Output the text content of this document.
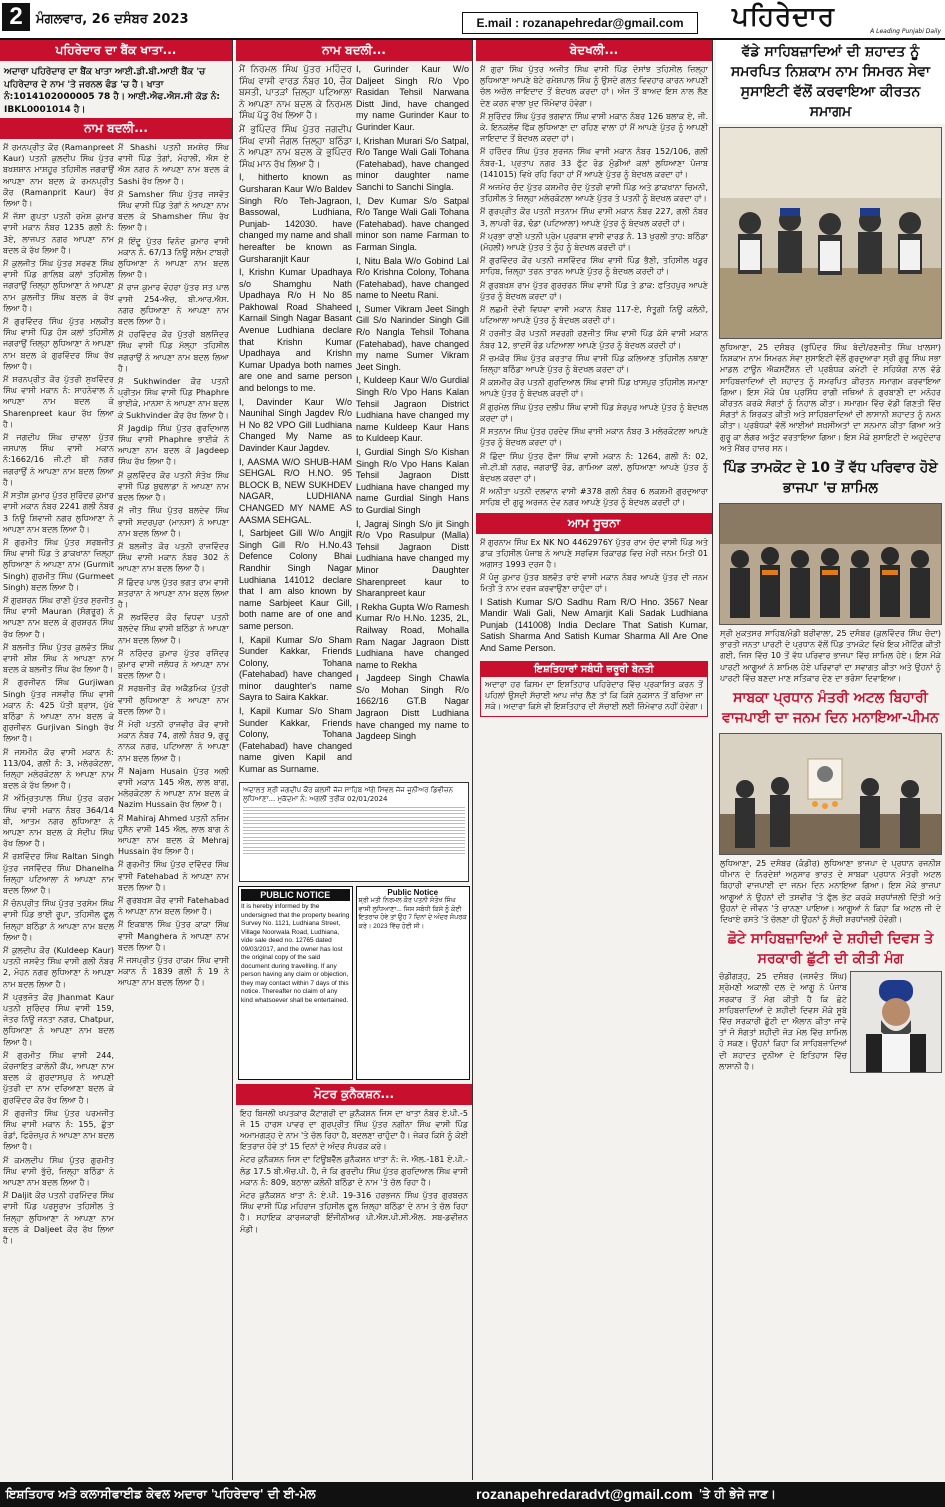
2	ਮੰਗਲਵਾਰ, 26 ਦਸੰਬਰ 2023	E.mail : rozanapehredar@gmail.com	ਪਹਿਰੇਦਾਰ	A Leading Punjabi Daily
ਪਹਿਰੇਦਾਰ ਦਾ ਬੈਂਕ ਖਾਤਾ...
ਅਦਾਰਾ ਪਹਿਰੇਦਾਰ ਦਾ ਬੈਂਕ ਖਾਤਾ ਆਈ.ਡੀ.ਬੀ.ਆਈ ਬੈਂਕ 'ਚ ਪਹਿਰੇਦਾਰ ਦੇ ਨਾਮ 'ਤੇ ਜਰਨਲ ਫੰਡ 'ਚ ਹੈ। ਖਾਤਾ ਨੰ:1014102000005 78 ਹੈ। ਆਈ.ਐਫ.ਐਸ.ਸੀ ਕੋਡ ਨੰ: IBKL0001014 ਹੈ।
ਨਾਮ ਬਦਲੀ...

ਮੈਂ ਰਮਨਪ੍ਰੀਤ ਕੌਰ (Ramanpreet Kaur) ਪਤਨੀ ਕੁਲਦੀਪ ਸਿੰਘ ਪੁੱਤਰ ਬਖਸ਼ਸ਼ਾਨ ਮਾਸ਼ਹੂਰ ਤਹਿਸੀਲ ਜਗਰਾਉਂ ਆਪਣਾ ਨਾਮ ਬਦਲ ਕੇ ਰਮਨਪ੍ਰੀਤ ਕੌਰ (Ramanprit Kaur) ਰੱਖ ਲਿਆ ਹੈ।

ਮੈਂ ਜੱਸਾ ਗੁਪਤਾ ਪਤਨੀ ਰਮੇਸ਼ ਕੁਮਾਰ ਵਾਸੀ ਮਕਾਨ ਨੰਬਰ 1235 ਗਲੀ ਨੰ: 3ਏ, ਲਾਜਪਤ ਨਗਰ ਆਪਣਾ ਨਾਮ ਬਦਲ ਕੇ ਰੱਖ ਲਿਆ ਹੈ।

ਮੈਂ ਕੁਲਜੀਤ ਸਿੰਘ ਪੁੱਤਰ ਸਰਵਣ ਸਿੰਘ ਵਾਸੀ ਪਿੰਡ ਗਾਲਿਬ ਕਲਾਂ ਤਹਿਸੀਲ ਜਗਰਾਉਂ ਜ਼ਿਲ੍ਹਾ ਲੁਧਿਆਣਾ ਨੇ ਆਪਣਾ ਨਾਮ ਕੁਲਜੀਤ ਸਿੰਘ ਬਦਲ ਕੇ ਰੱਖ ਲਿਆ ਹੈ।

ਮੈਂ ਗੁਰਵਿੰਦਰ ਸਿੰਘ ਪੁੱਤਰ ਮਲਕੀਤ ਸਿੰਘ ਵਾਸੀ ਪਿੰਡ ਹੰਸ ਕਲਾਂ ਤਹਿਸੀਲ ਜਗਰਾਉਂ ਜ਼ਿਲ੍ਹਾ ਲੁਧਿਆਣਾ ਨੇ ਆਪਣਾ ਨਾਮ ਬਦਲ ਕੇ ਗੁਰਵਿੰਦਰ ਸਿੰਘ ਰੱਖ ਲਿਆ ਹੈ।

ਮੈਂ ਸ਼ਰਨਪ੍ਰੀਤ ਕੌਰ ਪੁੱਤਰੀ ਸੁਖਵਿੰਦਰ ਸਿੰਘ ਵਾਸੀ ਮਕਾਨ ਨੰ: ਸਾਹਨੇਵਾਲ ਨੇ ਆਪਣਾ ਨਾਮ ਬਦਲ ਕੇ Sharenpreet kaur ਰੱਖ ਲਿਆ ਹੈ।

ਮੈਂ ਜਗਦੀਪ ਸਿੰਘ ਚਾਵਲਾ ਪੁੱਤਰ ਜਸਪਾਲ ਸਿੰਘ ਵਾਸੀ ਮਕਾਨ ਨੰ:1662/16 ਜੀ.ਟੀ ਬੀ ਨਗਰ ਜਗਰਾਉਂ ਨੇ ਆਪਣਾ ਨਾਮ ਬਦਲ ਲਿਆ ਹੈ।

ਮੈਂ ਸਤੀਸ਼ ਕੁਮਾਰ ਪੁੱਤਰ ਸੁਰਿੰਦਰ ਕੁਮਾਰ ਵਾਸੀ ਮਕਾਨ ਨੰਬਰ 2241 ਗਲੀ ਨੰਬਰ 3 ਨਿਊ ਸ਼ਿਵਾਜੀ ਨਗਰ ਲੁਧਿਆਣਾ ਨੇ ਆਪਣਾ ਨਾਮ ਬਦਲ ਲਿਆ ਹੈ।

ਮੈਂ ਗੁਰਮੀਤ ਸਿੰਘ ਪੁੱਤਰ ਸਰਬਜੀਤ ਸਿੰਘ ਵਾਸੀ ਪਿੰਡ ਤੇ ਡਾਕਖਾਨਾ ਜ਼ਿਲ੍ਹਾ ਲੁਧਿਆਣਾ ਨੇ ਆਪਣਾ ਨਾਮ (Gurmit Singh) ਗੁਰਮੀਤ ਸਿੰਘ (Gurmeet Singh) ਬਦਲ ਲਿਆ ਹੈ।

ਮੈਂ ਗੁਰਸ਼ਰਨ ਸਿੰਘ ਰਾਣੀ ਪੁੱਤਰ ਸੁਰਜੀਤ ਸਿੰਘ ਵਾਸੀ Mauran (ਸੰਗਰੂਰ) ਨੇ ਆਪਣਾ ਨਾਮ ਬਦਲ ਕੇ ਗੁਰਸ਼ਰਨ ਸਿੰਘ ਰੱਖ ਲਿਆ ਹੈ।

ਮੈਂ ਬਲਜੀਤ ਸਿੰਘ ਪੁੱਤਰ ਕੁਲਵੰਤ ਸਿੰਘ ਵਾਸੀ ਸ਼ੀਸ਼ ਸਿੰਘ ਨੇ ਆਪਣਾ ਨਾਮ ਬਦਲ ਕੇ ਬਲਜੀਤ ਸਿੰਘ ਰੱਖ ਲਿਆ ਹੈ।

ਮੈਂ ਗੁਰਜੀਵਨ ਸਿੰਘ Gurjiwan Singh ਪੁੱਤਰ ਜਸਵੀਰ ਸਿੰਘ ਵਾਸੀ ਮਕਾਨ ਨੰ: 425 ਪੱਤੀ ਬ੍ਰਾਸ, ਪੁੱਖੇ ਬਠਿੰਡਾ ਨੇ ਆਪਣਾ ਨਾਮ ਬਦਲ ਕੇ ਗੁਰਜੀਵਨ Gurjivan Singh ਰੱਖ ਲਿਆ ਹੈ।

ਮੈਂ ਜਸਮੀਨ ਕੌਰ ਵਾਸੀ ਮਕਾਨ ਨੰ: 113/04, ਗਲੀ ਨੰ: 3, ਮਲੇਰਕੋਟਲਾ, ਜ਼ਿਲ੍ਹਾ ਮਲੇਰਕੋਟਲਾ ਨੇ ਆਪਣਾ ਨਾਮ ਬਦਲ ਕੇ ਰੱਖ ਲਿਆ ਹੈ।

ਮੈਂ ਅੰਮ੍ਰਿਤਪਾਲ ਸਿੰਘ ਪੁੱਤਰ ਕਰਮ ਸਿੰਘ ਵਾਸੀ ਮਕਾਨ ਨੰਬਰ 364/14 ਬੀ, ਆਤਮ ਨਗਰ ਲੁਧਿਆਣਾ ਨੇ ਆਪਣਾ ਨਾਮ ਬਦਲ ਕੇ ਸੰਦੀਪ ਸਿੰਘ ਰੱਖ ਲਿਆ ਹੈ।

ਮੈਂ ਰਸ਼ਵਿੰਦਰ ਸਿੰਘ Raltan Singh ਪੁੱਤਰ ਜਸਵਿੰਦਰ ਸਿੰਘ Dhanelha ਜ਼ਿਲ੍ਹਾ ਪਟਿਆਲਾ ਨੇ ਆਪਣਾ ਨਾਮ ਬਦਲ ਲਿਆ ਹੈ।

ਮੈਂ ਚੰਨਪ੍ਰੀਤ ਸਿੰਘ ਪੁੱਤਰ ਤਰਸੇਮ ਸਿੰਘ ਵਾਸੀ ਪਿੰਡ ਭਾਈ ਰੂਪਾ, ਤਹਿਸੀਲ ਫੂਲ ਜ਼ਿਲ੍ਹਾ ਬਠਿੰਡਾ ਨੇ ਆਪਣਾ ਨਾਮ ਬਦਲ ਲਿਆ ਹੈ।

ਮੈਂ ਕੁਲਦੀਪ ਕੌਰ (Kuldeep Kaur) ਪਤਨੀ ਜਸਵੰਤ ਸਿੰਘ ਵਾਸੀ ਗਲੀ ਨੰਬਰ 2, ਮੋਹਨ ਨਗਰ ਲੁਧਿਆਣਾ ਨੇ ਆਪਣਾ ਨਾਮ ਬਦਲ ਲਿਆ ਹੈ।

ਮੈਂ ਪ੍ਰਭਜੋਤ ਕੌਰ Jhanmat Kaur ਪਤਨੀ ਸੁਰਿੰਦਰ ਸਿੰਘ ਵਾਸੀ 159, ਜੋਤਰ ਨਿਊ ਜਨਤਾ ਨਗਰ, Chatpur, ਲੁਧਿਆਣਾ ਨੇ ਆਪਣਾ ਨਾਮ ਬਦਲ ਲਿਆ ਹੈ।

ਮੈਂ ਗੁਰਮੀਤ ਸਿੰਘ ਵਾਸੀ 244, ਕੋਰਜਾਇਤ ਕਾਲੋਨੀ ਕੈਂਪ, ਆਪਣਾ ਨਾਮ ਬਦਲ ਕੇ ਗੁਰਦਾਸਪੁਰ ਨੇ ਆਪਣੀ ਪੁੱਤਰੀ ਦਾ ਨਾਮ ਦਰਿਆਣਾ ਬਦਲ ਕੇ ਗੁਰਵਿੰਦਰ ਕੌਰ ਰੱਖ ਲਿਆ ਹੈ।

ਮੈਂ ਗੁਰਜੀਤ ਸਿੰਘ ਪੁੱਤਰ ਪਰਮਜੀਤ ਸਿੰਘ ਵਾਸੀ ਮਕਾਨ ਨੰ: 155, ਛੁੱਤਾ ਰੋਡਾਂ, ਫਿਰੋਜ਼ਪੁਰ ਨੇ ਆਪਣਾ ਨਾਮ ਬਦਲ ਲਿਆ ਹੈ।

ਮੈਂ ਕਮਲਦੀਪ ਸਿੰਘ ਪੁੱਤਰ ਗੁਰਮੀਤ ਸਿੰਘ ਵਾਸੀ ਭੁੱਚੋ, ਜ਼ਿਲ੍ਹਾ ਬਠਿੰਡਾ ਨੇ ਆਪਣਾ ਨਾਮ ਬਦਲ ਲਿਆ ਹੈ।

ਮੈਂ Daljit ਕੌਰ ਪਤਨੀ ਹਰਮਿੰਦਰ ਸਿੰਘ ਵਾਸੀ ਪਿੰਡ ਪਰਸੂਰਾਮ ਤਹਿਸੀਲ ਤੇ ਜ਼ਿਲ੍ਹਾ ਲੁਧਿਆਣਾ ਨੇ ਆਪਣਾ ਨਾਮ ਬਦਲ ਕੇ Daljeet ਕੌਰ ਰੱਖ ਲਿਆ ਹੈ।

ਮੈਂ Shashi ਪਤਨੀ ਸ਼ਮਸ਼ੇਰ ਸਿੰਘ ਵਾਸੀ ਪਿੰਡ ਤੋਗਾਂ, ਮੋਹਾਲੀ, ਐਸ ਏ ਐਸ ਨਗਰ ਨੇ ਆਪਣਾ ਨਾਮ ਬਦਲ ਕੇ Sashi ਰੱਖ ਲਿਆ ਹੈ।

ਮੈਂ Samsher ਸਿੰਘ ਪੁੱਤਰ ਜਸਵੰਤ ਸਿੰਘ ਵਾਸੀ ਪਿੰਡ ਤੋਗਾਂ ਨੇ ਆਪਣਾ ਨਾਮ ਬਦਲ ਕੇ Shamsher ਸਿੰਘ ਰੱਖ ਲਿਆ ਹੈ।

ਮੈਂ ਇੰਦੂ ਪੁੱਤਰ ਵਿਨੋਦ ਕੁਮਾਰ ਵਾਸੀ ਮਕਾਨ ਨੰ. 67/13 ਨਿਊ ਸਲੇਮ ਟਾਬਰੀ ਲੁਧਿਆਣਾ ਨੇ ਆਪਣਾ ਨਾਮ ਬਦਲ ਲਿਆ ਹੈ।

ਮੈਂ ਰਾਜ ਕੁਮਾਰ ਵੋਹਰਾ ਪੁੱਤਰ ਸਤ ਪਾਲ ਵਾਸੀ 254-ਐਚ, ਬੀ.ਆਰ.ਐਸ. ਨਗਰ ਲੁਧਿਆਣਾ ਨੇ ਆਪਣਾ ਨਾਮ ਬਦਲ ਲਿਆ ਹੈ।

ਮੈਂ ਹਰਵਿੰਦਰ ਕੌਰ ਪੁੱਤਰੀ ਬਲਜਿੰਦਰ ਸਿੰਘ ਵਾਸੀ ਪਿੰਡ ਮੱਲ੍ਹਾ ਤਹਿਸੀਲ ਜਗਰਾਉਂ ਨੇ ਆਪਣਾ ਨਾਮ ਬਦਲ ਲਿਆ ਹੈ।

ਮੈਂ Sukhwinder ਕੌਰ ਪਤਨੀ ਪ੍ਰੀਤਮ ਸਿੰਘ ਵਾਸੀ ਪਿੰਡ Phaphre ਭਾਈਕੇ, ਮਾਨਸਾ ਨੇ ਆਪਣਾ ਨਾਮ ਬਦਲ ਕੇ Sukhvinder ਕੌਰ ਰੱਖ ਲਿਆ ਹੈ।

ਮੈਂ Jagdip ਸਿੰਘ ਪੁੱਤਰ ਗੁਰਦਿਆਲ ਸਿੰਘ ਵਾਸੀ Phaphre ਭਾਈਕੇ ਨੇ ਆਪਣਾ ਨਾਮ ਬਦਲ ਕੇ Jagdeep ਸਿੰਘ ਰੱਖ ਲਿਆ ਹੈ।

ਮੈਂ ਕੁਲਵਿੰਦਰ ਕੌਰ ਪਤਨੀ ਸੰਤੋਖ ਸਿੰਘ ਵਾਸੀ ਪਿੰਡ ਬੁਢਲਾਡਾ ਨੇ ਆਪਣਾ ਨਾਮ ਬਦਲ ਲਿਆ ਹੈ।

ਮੈਂ ਜੀਤ ਸਿੰਘ ਪੁੱਤਰ ਬਲਦੇਵ ਸਿੰਘ ਵਾਸੀ ਸਦਰਪੁਰਾ (ਮਾਨਸਾ) ਨੇ ਆਪਣਾ ਨਾਮ ਬਦਲ ਲਿਆ ਹੈ।

ਮੈਂ ਬਲਜੀਤ ਕੌਰ ਪਤਨੀ ਰਾਜਵਿੰਦਰ ਸਿੰਘ ਵਾਸੀ ਮਕਾਨ ਨੰਬਰ 302 ਨੇ ਆਪਣਾ ਨਾਮ ਬਦਲ ਲਿਆ ਹੈ।

ਮੈਂ ਛਿੰਦਰ ਪਾਲ ਪੁੱਤਰ ਭਗਤ ਰਾਮ ਵਾਸੀ ਸ਼ਤਰਾਨਾ ਨੇ ਆਪਣਾ ਨਾਮ ਬਦਲ ਲਿਆ ਹੈ।

ਮੈਂ ਲਖਵਿੰਦਰ ਕੌਰ ਵਿਧਵਾ ਪਤਨੀ ਬਲਦੇਵ ਸਿੰਘ ਵਾਸੀ ਬਠਿੰਡਾ ਨੇ ਆਪਣਾ ਨਾਮ ਬਦਲ ਲਿਆ ਹੈ।

ਮੈਂ ਨਰਿੰਦਰ ਕੁਮਾਰ ਪੁੱਤਰ ਰਜਿੰਦਰ ਕੁਮਾਰ ਵਾਸੀ ਜਲੰਧਰ ਨੇ ਆਪਣਾ ਨਾਮ ਬਦਲ ਲਿਆ ਹੈ।

ਮੈਂ ਸਰਬਜੀਤ ਕੌਰ ਅਕੈਡਮਿਕ ਪੁੱਤਰੀ ਵਾਸੀ ਲੁਧਿਆਣਾ ਨੇ ਆਪਣਾ ਨਾਮ ਬਦਲ ਲਿਆ ਹੈ।

ਮੈਂ ਮੇਰੀ ਪਤਨੀ ਰਾਜਵੀਰ ਕੌਰ ਵਾਸੀ ਮਕਾਨ ਨੰਬਰ 74, ਗਲੀ ਨੰਬਰ 9, ਗੁਰੂ ਨਾਨਕ ਨਗਰ, ਪਟਿਆਲਾ ਨੇ ਆਪਣਾ ਨਾਮ ਬਦਲ ਲਿਆ ਹੈ।

ਮੈਂ Najam Husain ਪੁੱਤਰ ਅਲੀ ਵਾਸੀ ਮਕਾਨ 145 ਐਲ, ਲਾਲ ਬਾਗ, ਮਲੇਰਕੋਟਲਾ ਨੇ ਆਪਣਾ ਨਾਮ ਬਦਲ ਕੇ Nazim Hussain ਰੱਖ ਲਿਆ ਹੈ।

ਮੈਂ Mahiraj Ahmed ਪਤਨੀ ਨਜ਼ਿਮ ਹੁਸੈਨ ਵਾਸੀ 145 ਐਲ, ਲਾਲ ਬਾਗ ਨੇ ਆਪਣਾ ਨਾਮ ਬਦਲ ਕੇ Mehraj Hussain ਰੱਖ ਲਿਆ ਹੈ।

ਮੈਂ ਗੁਰਮੀਤ ਸਿੰਘ ਪੁੱਤਰ ਦਵਿੰਦਰ ਸਿੰਘ ਵਾਸੀ Fatehabad ਨੇ ਆਪਣਾ ਨਾਮ ਬਦਲ ਲਿਆ ਹੈ।

ਮੈਂ ਗੁਰਬਖ਼ਸ਼ ਕੌਰ ਵਾਸੀ Fatehabad ਨੇ ਆਪਣਾ ਨਾਮ ਬਦਲ ਲਿਆ ਹੈ।

ਮੈਂ ਇਕਬਾਲ ਸਿੰਘ ਪੁੱਤਰ ਕਾਕਾ ਸਿੰਘ ਵਾਸੀ Manghera ਨੇ ਆਪਣਾ ਨਾਮ ਬਦਲ ਲਿਆ ਹੈ।

ਮੈਂ ਜਸਪ੍ਰੀਤ ਪੁੱਤਰ ਹਾਕਮ ਸਿੰਘ ਵਾਸੀ ਮਕਾਨ ਨੰ 1839 ਗਲੀ ਨੰ 19 ਨੇ ਆਪਣਾ ਨਾਮ ਬਦਲ ਲਿਆ ਹੈ।

ਨਾਮ ਬਦਲੀ...

ਮੈਂ ਨਿਰਮਲ ਸਿੰਘ ਪੁੱਤਰ ਮਹਿੰਦਰ ਸਿੰਘ ਵਾਸੀ ਵਾਰਡ ਨੰਬਰ 10, ਚੌਕ ਬਸਤੀ, ਪਾਤੜਾਂ ਜ਼ਿਲ੍ਹਾ ਪਟਿਆਲਾ ਨੇ ਆਪਣਾ ਨਾਮ ਬਦਲ ਕੇ ਨਿਰਮਲ ਸਿੰਘ ਪੱਤੂ ਰੱਖ ਲਿਆ ਹੈ।

ਮੈਂ ਭੁਪਿੰਦਰ ਸਿੰਘ ਪੁੱਤਰ ਜਗਦੀਪ ਸਿੰਘ ਵਾਸੀ ਜੰਗਲ ਜ਼ਿਲ੍ਹਾ ਬਠਿੰਡਾ ਨੇ ਆਪਣਾ ਨਾਮ ਬਦਲ ਕੇ ਭੁਪਿੰਦਰ ਸਿੰਘ ਮਾਨ ਰੱਖ ਲਿਆ ਹੈ।

I, hitherto known as Gursharan Kaur W/o Baldev Singh R/o Teh-Jagraon, Bassowal, Ludhiana, Punjab- 142030. have changed my name and shall hereafter be known as Gursharanjit Kaur

I, Krishn Kumar Upadhaya s/o Shamghu Nath Upadhaya R/o H No 85 Pakhowal Road Shaheed Karnail Singh Nagar Basant Avenue Ludhiana declare that Krishn Kumar Upadhaya and Krishn Kumar Upadya both names are one and same person and belongs to me.

I, Davinder Kaur W/o Naunihal Singh Jagdev R/o H No 82 VPO Gill Ludhiana Changed My Name as Davinder Kaur Jagdev.

I, AASMA W/O SHUB-HAM SEHGAL R/O H.NO. 95 BLOCK B, NEW SUKHDEV NAGAR, LUDHIANA CHANGED MY NAME AS AASMA SEHGAL.

I, Sarbjeet Gill W/o Angjit Singh Gill R/o H.No.43 Defence Colony Bhai Randhir Singh Nagar Ludhiana 141012 declare that I am also known by name Sarbjeet Kaur Gill, both name are of one and same person.

I, Kapil Kumar S/o Sham Sunder Kakkar, Friends Colony, Tohana (Fatehabad) have changed minor daughter's name Sayra to Saira Kakkar.

I, Kapil Kumar S/o Sham Sunder Kakkar, Friends Colony, Tohana (Fatehabad) have changed name given Kapil and Kumar as Surname.

I, Gurinder Kaur W/o Daljeet Singh R/o Vpo Rasidan Tehsil Narwana Distt Jind, have changed my name Gurinder Kaur to Gurinder Kaur.

I, Krishan Murari S/o Satpal, R/o Tange Wali Gali Tohana (Fatehabad), have changed minor daughter name Sanchi to Sanchi Singla.

I, Dev Kumar S/o Satpal R/o Tange Wali Gali Tohana (Fatehabad). have changed minor son name Farman to Farman Singla.

I, Nitu Bala W/o Gobind Lal R/o Krishna Colony, Tohana (Fatehabad), have changed name to Neetu Rani.

I, Sumer Vikram Jeet Singh Gill S/o Narinder Singh Gill R/o Nangla Tehsil Tohana (Fatehabad), have changed my name Sumer Vikram Jeet Singh.

I, Kuldeep Kaur W/o Gurdial Singh R/o Vpo Hans Kalan Tehsil Jagraon District Ludhiana have changed my name Kuldeep Kaur Hans to Kuldeep Kaur.

I, Gurdial Singh S/o Kishan Singh R/o Vpo Hans Kalan Tehsil Jagraon Distt Ludhiana have changed my name Gurdial Singh Hans to Gurdial Singh

I, Jagraj Singh S/o jit Singh R/o Vpo Rasulpur (Malla) Tehsil Jagraon Distt Ludhiana have changed my Minor Daughter Sharenpreet kaur to Sharanpreet kaur

I Rekha Gupta W/o Ramesh Kumar R/o H.No. 1235, 2L, Railway Road, Mohalla Ram Nagar Jagraon Distt Ludhiana have changed name to Rekha

I Jagdeep Singh Chawla S/o Mohan Singh R/o 1662/16 GT.B Nagar Jagraon Distt Ludhiana have changed my name to Jagdeep Singh

ਅਦਾਲਤ ਸ਼੍ਰੀ ਜਗਦੀਪ ਕੌਰ ਕਲਸੀ ਜੱਜ ਸਾਹਿਬ ਅੱਗੇ ਸਿਵਲ ਜੱਜ ਜੂਨੀਅਰ ਡਿਵੀਜ਼ਨ ਲੁਧਿਆਣਾ... ਮੁਕੱਦਮਾ ਨੰ: ਅਗਲੀ ਤਰੀਕ 02/01/2024
PUBLIC NOTICE
It is hereby informed by the undersigned that the property bearing Survey No. 1121, Ludhiana Street, Village Noorwala Road, Ludhiana, vide sale deed no. 12765 dated 09/03/2017, and the owner has lost the original copy of the said document during travelling. If any person having any claim or objection, they may contact within 7 days of this notice. Thereafter no claim of any kind whatsoever shall be entertained.
Public Notice
ਸ਼੍ਰੀ ਮਤੀ ਨਿਰਮਲ ਕੌਰ ਪਤਨੀ ਸੰਤੋਖ ਸਿੰਘ ਵਾਸੀ ਲੁਧਿਆਣਾ... ਜਿਸ ਸਬੰਧੀ ਕਿਸੇ ਨੂੰ ਕੋਈ ਇਤਰਾਜ਼ ਹੋਵੇ ਤਾਂ ਉਹ 7 ਦਿਨਾਂ ਦੇ ਅੰਦਰ ਸੰਪਰਕ ਕਰੇ। 2023 ਵਿੱਚ ਹੋਈ ਸੀ।
ਮੋਟਰ ਕੁਨੈਕਸ਼ਨ...

ਇਹ ਬਿਜਲੀ ਖਪਤਕਾਰ ਕੈਟਾਗਰੀ ਦਾ ਕੁਨੈਕਸ਼ਨ ਜਿਸ ਦਾ ਖਾਤਾ ਨੰਬਰ ਏ.ਪੀ.-5 ਜੋ 15 ਹਾਰਸ ਪਾਵਰ ਦਾ ਗੁਰਪ੍ਰੀਤ ਸਿੰਘ ਪੁੱਤਰ ਨਗੀਨਾ ਸਿੰਘ ਵਾਸੀ ਪਿੰਡ ਅਮਾਮਗੜ੍ਹ ਦੇ ਨਾਮ 'ਤੇ ਚੱਲ ਰਿਹਾ ਹੈ, ਬਦਲਣਾ ਚਾਹੁੰਦਾ ਹੈ। ਜੇਕਰ ਕਿਸੇ ਨੂੰ ਕੋਈ ਇਤਰਾਜ਼ ਹੋਵੇ ਤਾਂ 15 ਦਿਨਾਂ ਦੇ ਅੰਦਰ ਸੰਪਰਕ ਕਰੇ।

ਮੋਟਰ ਕੁਨੈਕਸ਼ਨ ਜਿਸ ਦਾ ਟਿਊਬਵੈੱਲ ਕੁਨੈਕਸ਼ਨ ਖਾਤਾ ਨੰ: ਜੇ. ਐਲ.-181 ਏ.ਪੀ.-ਲੋਡ 17.5 ਬੀ.ਐਚ.ਪੀ. ਹੈ, ਜੋ ਕਿ ਗੁਰਦੀਪ ਸਿੰਘ ਪੁੱਤਰ ਗੁਰਦਿਆਲ ਸਿੰਘ ਵਾਸੀ ਮਕਾਨ ਨੰ: 809, ਬਠਾਲਾ ਕਲੋਨੀ ਬਠਿੰਡਾ ਦੇ ਨਾਮ 'ਤੇ ਚੱਲ ਰਿਹਾ ਹੈ।

ਮੋਟਰ ਕੁਨੈਕਸ਼ਨ ਖਾਤਾ ਨੰ: ਏ.ਪੀ. 19-316 ਹਰਭਜਨ ਸਿੰਘ ਪੁੱਤਰ ਗੁਰਬਚਨ ਸਿੰਘ ਵਾਸੀ ਪਿੰਡ ਮਹਿਰਾਜ ਤਹਿਸੀਲ ਫੂਲ ਜ਼ਿਲ੍ਹਾ ਬਠਿੰਡਾ ਦੇ ਨਾਮ ਤੇ ਚੱਲ ਰਿਹਾ ਹੈ। ਸਹਾਇਕ ਕਾਰਜਕਾਰੀ ਇੰਜੀਨੀਅਰ ਪੀ.ਐਸ.ਪੀ.ਸੀ.ਐਲ. ਸਬ-ਡਵੀਜ਼ਨ ਮੰਡੀ।

ਬੇਦਖਲੀ...

ਮੈਂ ਗੁਰਾ ਸਿੰਘ ਪੁੱਤਰ ਅਜੀਤ ਸਿੰਘ ਵਾਸੀ ਪਿੰਡ ਦੋਸਾਂਝ ਤਹਿਸੀਲ ਜ਼ਿਲ੍ਹਾ ਲੁਧਿਆਣਾ ਆਪਣੇ ਬੇਟੇ ਰਮੇਸ਼ਪਾਲ ਸਿੰਘ ਨੂੰ ਉਸਦੇ ਗਲਤ ਵਿਵਹਾਰ ਕਾਰਨ ਆਪਣੀ ਚੱਲ ਅਚੱਲ ਜਾਇਦਾਦ ਤੋਂ ਬੇਦਖਲ ਕਰਦਾ ਹਾਂ। ਅੱਜ ਤੋਂ ਬਾਅਦ ਇਸ ਨਾਲ ਲੈਣ ਦੇਣ ਕਰਨ ਵਾਲਾ ਖੁਦ ਜ਼ਿੰਮੇਵਾਰ ਹੋਵੇਗਾ।

ਮੈਂ ਸੁਰਿੰਦਰ ਸਿੰਘ ਪੁੱਤਰ ਭਗਵਾਨ ਸਿੰਘ ਵਾਸੀ ਮਕਾਨ ਨੰਬਰ 126 ਬਲਾਕ ਏ, ਜੀ. ਕੇ. ਇਨਕਲੇਵ ਫਿੱਕ ਲੁਧਿਆਣਾ ਦਾ ਰਹਿਣ ਵਾਲਾ ਹਾਂ ਮੈਂ ਆਪਣੇ ਪੁੱਤਰ ਨੂੰ ਆਪਣੀ ਜਾਇਦਾਦ ਤੋਂ ਬੇਦਖਲ ਕਰਦਾ ਹਾਂ।

ਮੈਂ ਹਰਿੰਦਰ ਸਿੰਘ ਪੁੱਤਰ ਸੁਰਜਨ ਸਿੰਘ ਵਾਸੀ ਮਕਾਨ ਨੰਬਰ 152/106, ਗਲੀ ਨੰਬਰ-1, ਪ੍ਰਤਾਪ ਨਗਰ 33 ਫੁੱਟ ਰੋਡ ਮੁੰਡੀਆਂ ਕਲਾਂ ਲੁਧਿਆਣਾ ਪੰਜਾਬ (141015) ਵਿਖੇ ਰਹਿ ਰਿਹਾ ਹਾਂ ਮੈਂ ਆਪਣੇ ਪੁੱਤਰ ਨੂੰ ਬੇਦਖਲ ਕਰਦਾ ਹਾਂ।

ਮੈਂ ਅਜਮੇਰ ਚੰਦ ਪੁੱਤਰ ਕਸ਼ਮੀਰ ਚੰਦ ਪੁੱਤਰੀ ਵਾਸੀ ਪਿੰਡ ਅਤੇ ਡਾਕਖਾਨਾ ਚਿਮਨੀ, ਤਹਿਸੀਲ ਤੇ ਜ਼ਿਲ੍ਹਾ ਮਲੇਰਕੋਟਲਾ ਆਪਣੇ ਪੁੱਤਰ ਤੇ ਪਤਨੀ ਨੂੰ ਬੇਦਖਲ ਕਰਦਾ ਹਾਂ।

ਮੈਂ ਗੁਰਪ੍ਰੀਤ ਕੌਰ ਪਤਨੀ ਸਤਨਾਮ ਸਿੰਘ ਵਾਸੀ ਮਕਾਨ ਨੰਬਰ 227, ਗਲੀ ਨੰਬਰ 3, ਲਾਪਰੀ ਰੋਡ, ਢੰਡਾ (ਪਟਿਆਲਾ) ਆਪਣੇ ਪੁੱਤਰ ਨੂੰ ਬੇਦਖਲ ਕਰਦੀ ਹਾਂ।

ਮੈਂ ਪ੍ਰਭਾ ਰਾਣੀ ਪਤਨੀ ਪ੍ਰੇਮ ਪ੍ਰਕਾਸ਼ ਵਾਸੀ ਵਾਰਡ ਨੰ. 13 ਖੁਰਲੀ ਤਾਹ: ਬਠਿੰਡਾ (ਮੋਹਲੀ) ਆਪਣੇ ਪੁੱਤਰ ਤੇ ਨੂੰਹ ਨੂੰ ਬੇਦਖਲ ਕਰਦੀ ਹਾਂ।

ਮੈਂ ਗੁਰਵਿੰਦਰ ਕੌਰ ਪਤਨੀ ਜਸਵਿੰਦਰ ਸਿੰਘ ਵਾਸੀ ਪਿੰਡ ਭੈਣੀ, ਤਹਿਸੀਲ ਖਡੂਰ ਸਾਹਿਬ, ਜ਼ਿਲ੍ਹਾ ਤਰਨ ਤਾਰਨ ਆਪਣੇ ਪੁੱਤਰ ਨੂੰ ਬੇਦਖਲ ਕਰਦੀ ਹਾਂ।

ਮੈਂ ਗੁਰਬਖ਼ਸ਼ ਰਾਮ ਪੁੱਤਰ ਗੁਰਚਰਨ ਸਿੰਘ ਵਾਸੀ ਪਿੰਡ ਤੇ ਡਾਕ: ਫਤਿਹਪੁਰ ਆਪਣੇ ਪੁੱਤਰ ਨੂੰ ਬੇਦਖਲ ਕਰਦਾ ਹਾਂ।

ਮੈਂ ਲਛਮੀ ਦੇਵੀ ਵਿਧਵਾ ਵਾਸੀ ਮਕਾਨ ਨੰਬਰ 117-ਏ, ਸੰਤੂਗੀ ਨਿਊ ਕਲੋਨੀ, ਪਟਿਆਲਾ ਆਪਣੇ ਪੁੱਤਰ ਨੂੰ ਬੇਦਖਲ ਕਰਦੀ ਹਾਂ।

ਮੈਂ ਹਰਜੀਤ ਕੌਰ ਪਤਨੀ ਸਵਰਗੀ ਰਣਜੀਤ ਸਿੰਘ ਵਾਸੀ ਪਿੰਡ ਕੱਸੋ ਵਾਸੀ ਮਕਾਨ ਨੰਬਰ 12, ਭਾਦਸੋਂ ਰੋਡ ਪਟਿਆਲਾ ਆਪਣੇ ਪੁੱਤਰ ਨੂੰ ਬੇਦਖਲ ਕਰਦੀ ਹਾਂ।

ਮੈਂ ਚਮਕੌਰ ਸਿੰਘ ਪੁੱਤਰ ਕਰਤਾਰ ਸਿੰਘ ਵਾਸੀ ਪਿੰਡ ਕਲਿਆਣ ਤਹਿਸੀਲ ਨਥਾਣਾ ਜ਼ਿਲ੍ਹਾ ਬਠਿੰਡਾ ਆਪਣੇ ਪੁੱਤਰ ਨੂੰ ਬੇਦਖਲ ਕਰਦਾ ਹਾਂ।

ਮੈਂ ਕਸ਼ਮੀਰ ਕੌਰ ਪਤਨੀ ਗੁਰਦਿਆਲ ਸਿੰਘ ਵਾਸੀ ਪਿੰਡ ਖ਼ਾਸਪੁਰ ਤਹਿਸੀਲ ਸਮਾਣਾ ਆਪਣੇ ਪੁੱਤਰ ਨੂੰ ਬੇਦਖਲ ਕਰਦੀ ਹਾਂ।

ਮੈਂ ਗੁਰਮੇਲ ਸਿੰਘ ਪੁੱਤਰ ਦਲੀਪ ਸਿੰਘ ਵਾਸੀ ਪਿੰਡ ਸ਼ੇਰਪੁਰ ਆਪਣੇ ਪੁੱਤਰ ਨੂੰ ਬੇਦਖਲ ਕਰਦਾ ਹਾਂ।

ਮੈਂ ਸਤਨਾਮ ਸਿੰਘ ਪੁੱਤਰ ਹਰਦੇਵ ਸਿੰਘ ਵਾਸੀ ਮਕਾਨ ਨੰਬਰ 3 ਮਲੇਰਕੋਟਲਾ ਆਪਣੇ ਪੁੱਤਰ ਨੂੰ ਬੇਦਖਲ ਕਰਦਾ ਹਾਂ।

ਮੈਂ ਛਿੰਦਾ ਸਿੰਘ ਪੁੱਤਰ ਫੌਜਾ ਸਿੰਘ ਵਾਸੀ ਮਕਾਨ ਨੰ: 1264, ਗਲੀ ਨੰ: 02, ਜੀ.ਟੀ.ਬੀ ਨਗਰ, ਜਗਰਾਉਂ ਰੋਡ, ਗਾਮਿਆ ਕਲਾਂ, ਲੁਧਿਆਣਾ ਆਪਣੇ ਪੁੱਤਰ ਨੂੰ ਬੇਦਖਲ ਕਰਦਾ ਹਾਂ।

ਮੈਂ ਅਨੀਤਾ ਪਤਨੀ ਦਲਵਾਨ ਵਾਸੀ #378 ਗਲੀ ਨੰਬਰ 6 ਲਕਸ਼ਮੀ ਗੁਰਦੁਆਰਾ ਸਾਹਿਬ ਦੀ ਗੁਰੂ ਅਰਜਨ ਦੇਵ ਨਗਰ ਆਪਣੇ ਪੁੱਤਰ ਨੂੰ ਬੇਦਖਲ ਕਰਦੀ ਹਾਂ।

ਆਮ ਸੂਚਨਾ

ਮੈਂ ਗੁਰਨਾਮ ਸਿੰਘ Ex NK NO 4462976Y ਪੁੱਤਰ ਰਾਮ ਚੰਦ ਵਾਸੀ ਪਿੰਡ ਅਤੇ ਡਾਕ ਤਹਿਸੀਲ ਪੰਜਾਬ ਨੇ ਆਪਣੇ ਸਰਵਿਸ ਰਿਕਾਰਡ ਵਿਚ ਮੇਰੀ ਜਨਮ ਮਿਤੀ 01 ਅਗਸਤ 1993 ਦਰਜ ਹੈ।

ਮੈਂ ਪੰਜੂ ਕੁਮਾਰ ਪੁੱਤਰ ਬਲਵੰਤ ਰਾਏ ਵਾਸੀ ਮਕਾਨ ਨੰਬਰ ਆਪਣੇ ਪੁੱਤਰ ਦੀ ਜਨਮ ਮਿਤੀ ਤੇ ਨਾਮ ਦਰਜ ਕਰਵਾਉਣਾ ਚਾਹੁੰਦਾ ਹਾਂ।

I Satish Kumar S/O Sadhu Ram R/O Hno. 3567 Near Mandir Wali Gali, New Amarjit Kali Sadak Ludhiana Punjab (141008) India Declare That Satish Kumar, Satish Sharma And Satish Kumar Sharma All Are One And Same Person.

ਇਸ਼ਤਿਹਾਰਾਂ ਸਬੰਧੀ ਜ਼ਰੂਰੀ ਬੇਨਤੀ

ਅਦਾਰਾ ਹਰ ਕਿਸਮ ਦਾ ਇਸ਼ਤਿਹਾਰ ਪਹਿਰੇਦਾਰ ਵਿੱਚ ਪ੍ਰਕਾਸ਼ਿਤ ਕਰਨ ਤੋਂ ਪਹਿਲਾਂ ਉਸਦੀ ਸੱਚਾਈ ਆਪ ਜਾਂਚ ਲੈਣ ਤਾਂ ਕਿ ਕਿਸੇ ਨੁਕਸਾਨ ਤੋਂ ਬਚਿਆ ਜਾ ਸਕੇ। ਅਦਾਰਾ ਕਿਸੇ ਵੀ ਇਸ਼ਤਿਹਾਰ ਦੀ ਸੱਚਾਈ ਲਈ ਜ਼ਿੰਮੇਵਾਰ ਨਹੀਂ ਹੋਵੇਗਾ।

ਵੱਡੇ ਸਾਹਿਬਜ਼ਾਦਿਆਂ ਦੀ ਸ਼ਹਾਦਤ ਨੂੰ ਸਮਰਪਿਤ ਨਿਸ਼ਕਾਮ ਨਾਮ ਸਿਮਰਨ ਸੇਵਾ ਸੁਸਾਇਟੀ ਵੱਲੋਂ ਕਰਵਾਇਆ ਕੀਰਤਨ ਸਮਾਗਮ

ਲੁਧਿਆਣਾ, 25 ਦਸੰਬਰ (ਭੁਪਿੰਦਰ ਸਿੰਘ ਬੇਦੀ/ਰਣਜੀਤ ਸਿੰਘ ਖ਼ਾਲਸਾ) ਨਿਸ਼ਕਾਮ ਨਾਮ ਸਿਮਰਨ ਸੇਵਾ ਸੁਸਾਇਟੀ ਵੱਲੋਂ ਗੁਰਦੁਆਰਾ ਸ੍ਰੀ ਗੁਰੂ ਸਿੰਘ ਸਭਾ ਮਾਡਲ ਟਾਊਨ ਐਕਸਟੈਂਸ਼ਨ ਦੀ ਪ੍ਰਬੰਧਕ ਕਮੇਟੀ ਦੇ ਸਹਿਯੋਗ ਨਾਲ ਵੱਡੇ ਸਾਹਿਬਜ਼ਾਦਿਆਂ ਦੀ ਸ਼ਹਾਦਤ ਨੂੰ ਸਮਰਪਿਤ ਕੀਰਤਨ ਸਮਾਗਮ ਕਰਵਾਇਆ ਗਿਆ। ਇਸ ਮੌਕੇ ਪੰਥ ਪ੍ਰਸਿੱਧ ਰਾਗੀ ਜਥਿਆਂ ਨੇ ਗੁਰਬਾਣੀ ਦਾ ਮਨੋਹਰ ਕੀਰਤਨ ਕਰਕੇ ਸੰਗਤਾਂ ਨੂੰ ਨਿਹਾਲ ਕੀਤਾ। ਸਮਾਗਮ ਵਿੱਚ ਵੱਡੀ ਗਿਣਤੀ ਵਿੱਚ ਸੰਗਤਾਂ ਨੇ ਸ਼ਿਰਕਤ ਕੀਤੀ ਅਤੇ ਸਾਹਿਬਜ਼ਾਦਿਆਂ ਦੀ ਲਾਸਾਨੀ ਸ਼ਹਾਦਤ ਨੂੰ ਨਮਨ ਕੀਤਾ। ਪ੍ਰਬੰਧਕਾਂ ਵੱਲੋਂ ਆਈਆਂ ਸ਼ਖ਼ਸੀਅਤਾਂ ਦਾ ਸਨਮਾਨ ਕੀਤਾ ਗਿਆ ਅਤੇ ਗੁਰੂ ਕਾ ਲੰਗਰ ਅਤੁੱਟ ਵਰਤਾਇਆ ਗਿਆ। ਇਸ ਮੌਕੇ ਸੁਸਾਇਟੀ ਦੇ ਅਹੁਦੇਦਾਰ ਅਤੇ ਮੈਂਬਰ ਹਾਜ਼ਰ ਸਨ।

ਪਿੰਡ ਤਾਮਕੋਟ ਦੇ 10 ਤੋਂ ਵੱਧ ਪਰਿਵਾਰ ਹੋਏ ਭਾਜਪਾ 'ਚ ਸ਼ਾਮਿਲ

ਸ੍ਰੀ ਮੁਕਤਸਰ ਸਾਹਿਬ/ਮੰਡੀ ਬਰੀਵਾਲਾ, 25 ਦਸੰਬਰ (ਕੁਲਵਿੰਦਰ ਸਿੰਘ ਚੰਦਾ) ਭਾਰਤੀ ਜਨਤਾ ਪਾਰਟੀ ਦੇ ਪ੍ਰਧਾਨ ਵੱਲੋਂ ਪਿੰਡ ਤਾਮਕੋਟ ਵਿਖੇ ਇਕ ਮੀਟਿੰਗ ਕੀਤੀ ਗਈ, ਜਿਸ ਵਿੱਚ 10 ਤੋਂ ਵੱਧ ਪਰਿਵਾਰ ਭਾਜਪਾ ਵਿੱਚ ਸ਼ਾਮਿਲ ਹੋਏ। ਇਸ ਮੌਕੇ ਪਾਰਟੀ ਆਗੂਆਂ ਨੇ ਸ਼ਾਮਿਲ ਹੋਏ ਪਰਿਵਾਰਾਂ ਦਾ ਸਵਾਗਤ ਕੀਤਾ ਅਤੇ ਉਹਨਾਂ ਨੂੰ ਪਾਰਟੀ ਵਿੱਚ ਬਣਦਾ ਮਾਣ ਸਤਿਕਾਰ ਦੇਣ ਦਾ ਭਰੋਸਾ ਦਿਵਾਇਆ।

ਸਾਬਕਾ ਪ੍ਰਧਾਨ ਮੰਤਰੀ ਅਟਲ ਬਿਹਾਰੀ ਵਾਜਪਾਈ ਦਾ ਜਨਮ ਦਿਨ ਮਨਾਇਆ-ਪੀਮਨ

ਲੁਧਿਆਣਾ, 25 ਦਸੰਬਰ (ਕੰਡੀਰ) ਲੁਧਿਆਣਾ ਭਾਜਪਾ ਦੇ ਪ੍ਰਧਾਨ ਰਜਨੀਸ਼ ਧੀਮਾਨ ਦੇ ਨਿਰਦੇਸ਼ਾਂ ਅਨੁਸਾਰ ਭਾਰਤ ਦੇ ਸਾਬਕਾ ਪ੍ਰਧਾਨ ਮੰਤਰੀ ਅਟਲ ਬਿਹਾਰੀ ਵਾਜਪਾਈ ਦਾ ਜਨਮ ਦਿਨ ਮਨਾਇਆ ਗਿਆ। ਇਸ ਮੌਕੇ ਭਾਜਪਾ ਆਗੂਆਂ ਨੇ ਉਹਨਾਂ ਦੀ ਤਸਵੀਰ 'ਤੇ ਫੁੱਲ ਭੇਟ ਕਰਕੇ ਸ਼ਰਧਾਂਜਲੀ ਦਿੱਤੀ ਅਤੇ ਉਹਨਾਂ ਦੇ ਜੀਵਨ 'ਤੇ ਚਾਨਣਾ ਪਾਇਆ। ਆਗੂਆਂ ਨੇ ਕਿਹਾ ਕਿ ਅਟਲ ਜੀ ਦੇ ਦਿਖਾਏ ਰਸਤੇ 'ਤੇ ਚੱਲਣਾ ਹੀ ਉਹਨਾਂ ਨੂੰ ਸੱਚੀ ਸ਼ਰਧਾਂਜਲੀ ਹੋਵੇਗੀ।

ਛੋਟੇ ਸਾਹਿਬਜ਼ਾਦਿਆਂ ਦੇ ਸ਼ਹੀਦੀ ਦਿਵਸ ਤੇ ਸਰਕਾਰੀ ਛੁੱਟੀ ਦੀ ਕੀਤੀ ਮੰਗ

ਚੰਡੀਗੜ੍ਹ, 25 ਦਸੰਬਰ (ਜਸਵੰਤ ਸਿੰਘ) ਸ਼੍ਰੋਮਣੀ ਅਕਾਲੀ ਦਲ ਦੇ ਆਗੂ ਨੇ ਪੰਜਾਬ ਸਰਕਾਰ ਤੋਂ ਮੰਗ ਕੀਤੀ ਹੈ ਕਿ ਛੋਟੇ ਸਾਹਿਬਜ਼ਾਦਿਆਂ ਦੇ ਸ਼ਹੀਦੀ ਦਿਵਸ ਮੌਕੇ ਸੂਬੇ ਵਿੱਚ ਸਰਕਾਰੀ ਛੁੱਟੀ ਦਾ ਐਲਾਨ ਕੀਤਾ ਜਾਵੇ ਤਾਂ ਜੋ ਸੰਗਤਾਂ ਸ਼ਹੀਦੀ ਜੋੜ ਮੇਲ ਵਿੱਚ ਸ਼ਾਮਿਲ ਹੋ ਸਕਣ। ਉਹਨਾਂ ਕਿਹਾ ਕਿ ਸਾਹਿਬਜ਼ਾਦਿਆਂ ਦੀ ਸ਼ਹਾਦਤ ਦੁਨੀਆ ਦੇ ਇਤਿਹਾਸ ਵਿੱਚ ਲਾਸਾਨੀ ਹੈ।

ਇਸ਼ਤਿਹਾਰ ਅਤੇ ਕਲਾਸੀਫਾਈਡ ਕੇਵਲ ਅਦਾਰਾ 'ਪਹਿਰੇਦਾਰ' ਦੀ ਈ-ਮੇਲ	rozanapehredaradvt@gmail.com 'ਤੇ ਹੀ ਭੇਜੇ ਜਾਣ।
